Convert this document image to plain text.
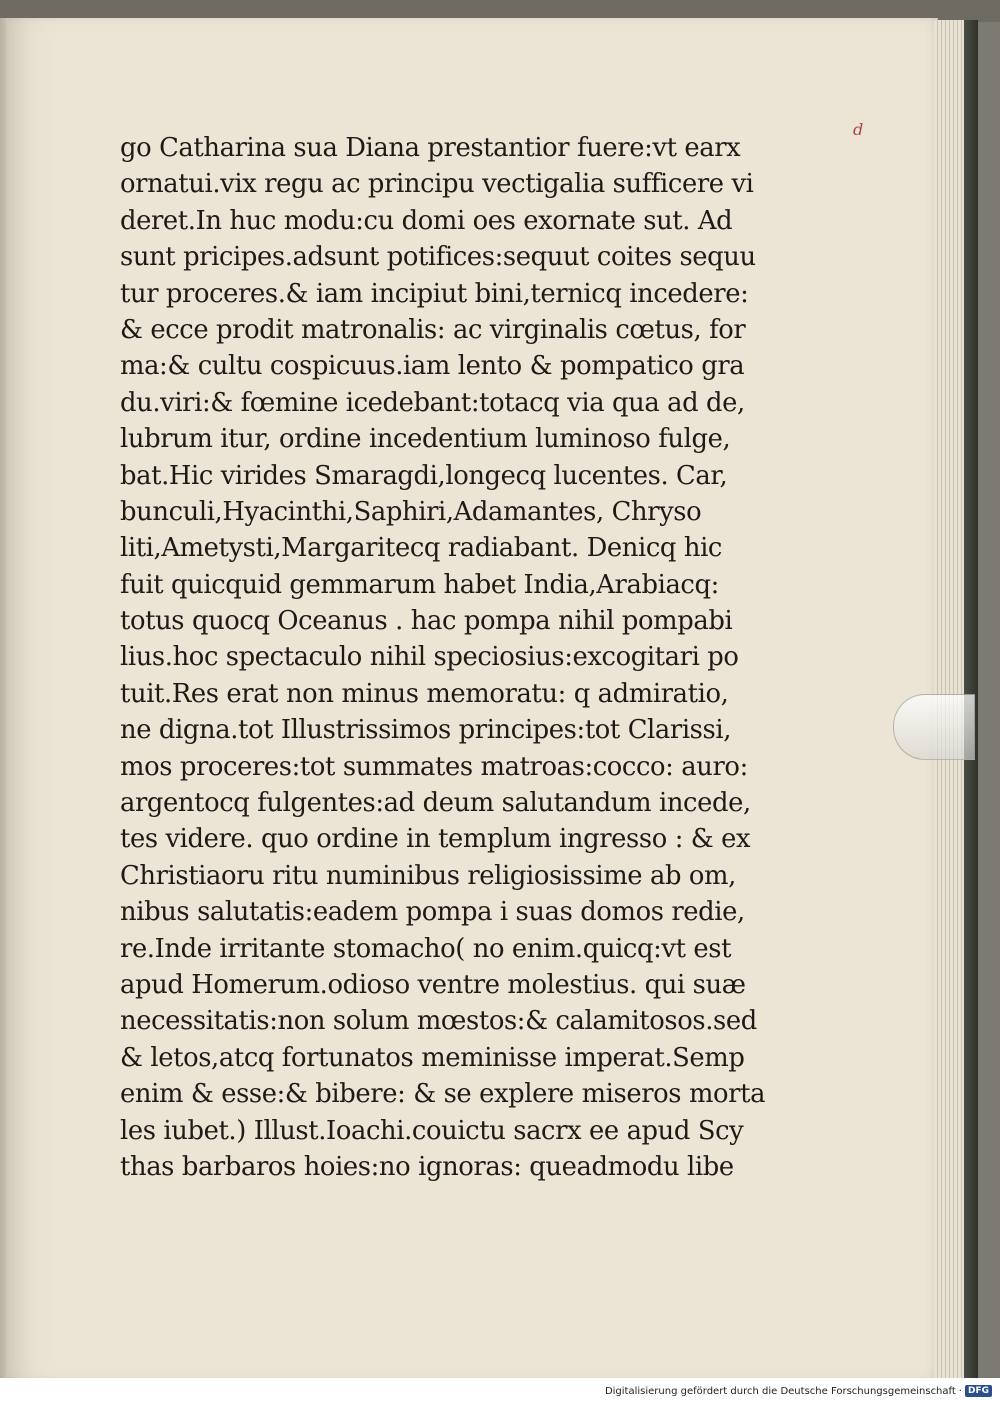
d
go Catharina sua Diana prestantior fuere:vt earx
ornatui.vix regu ac principu vectigalia sufficere vi
deret.In huc modu:cu domi oes exornate sut. Ad
sunt pricipes.adsunt potifices:sequut coites sequu
tur proceres.& iam incipiut bini,ternicq incedere:
& ecce prodit matronalis: ac virginalis cœtus, for
ma:& cultu cospicuus.iam lento & pompatico gra
du.viri:& fœmine icedebant:totacq via qua ad de,
lubrum itur, ordine incedentium luminoso fulge,
bat.Hic virides Smaragdi,longecq lucentes. Car,
bunculi,Hyacinthi,Saphiri,Adamantes, Chryso
liti,Ametysti,Margaritecq radiabant. Denicq hic
fuit quicquid gemmarum habet India,Arabiacq:
totus quocq Oceanus . hac pompa nihil pompabi
lius.hoc spectaculo nihil speciosius:excogitari po
tuit.Res erat non minus memoratu: q admiratio,
ne digna.tot Illustrissimos principes:tot Clarissi,
mos proceres:tot summates matroas:cocco: auro:
argentocq fulgentes:ad deum salutandum incede,
tes videre. quo ordine in templum ingresso : & ex
Christiaoru ritu numinibus religiosissime ab om,
nibus salutatis:eadem pompa i suas domos redie,
re.Inde irritante stomacho( no enim.quicq:vt est
apud Homerum.odioso ventre molestius. qui suæ
necessitatis:non solum mœstos:& calamitosos.sed
& letos,atcq fortunatos meminisse imperat.Semp
enim & esse:& bibere: & se explere miseros morta
les iubet.) Illust.Ioachi.couictu sacrx ee apud Scy
thas barbaros hoies:no ignoras: queadmodu libe
Digitalisierung gefördert durch die Deutsche Forschungsgemeinschaft · DFG
